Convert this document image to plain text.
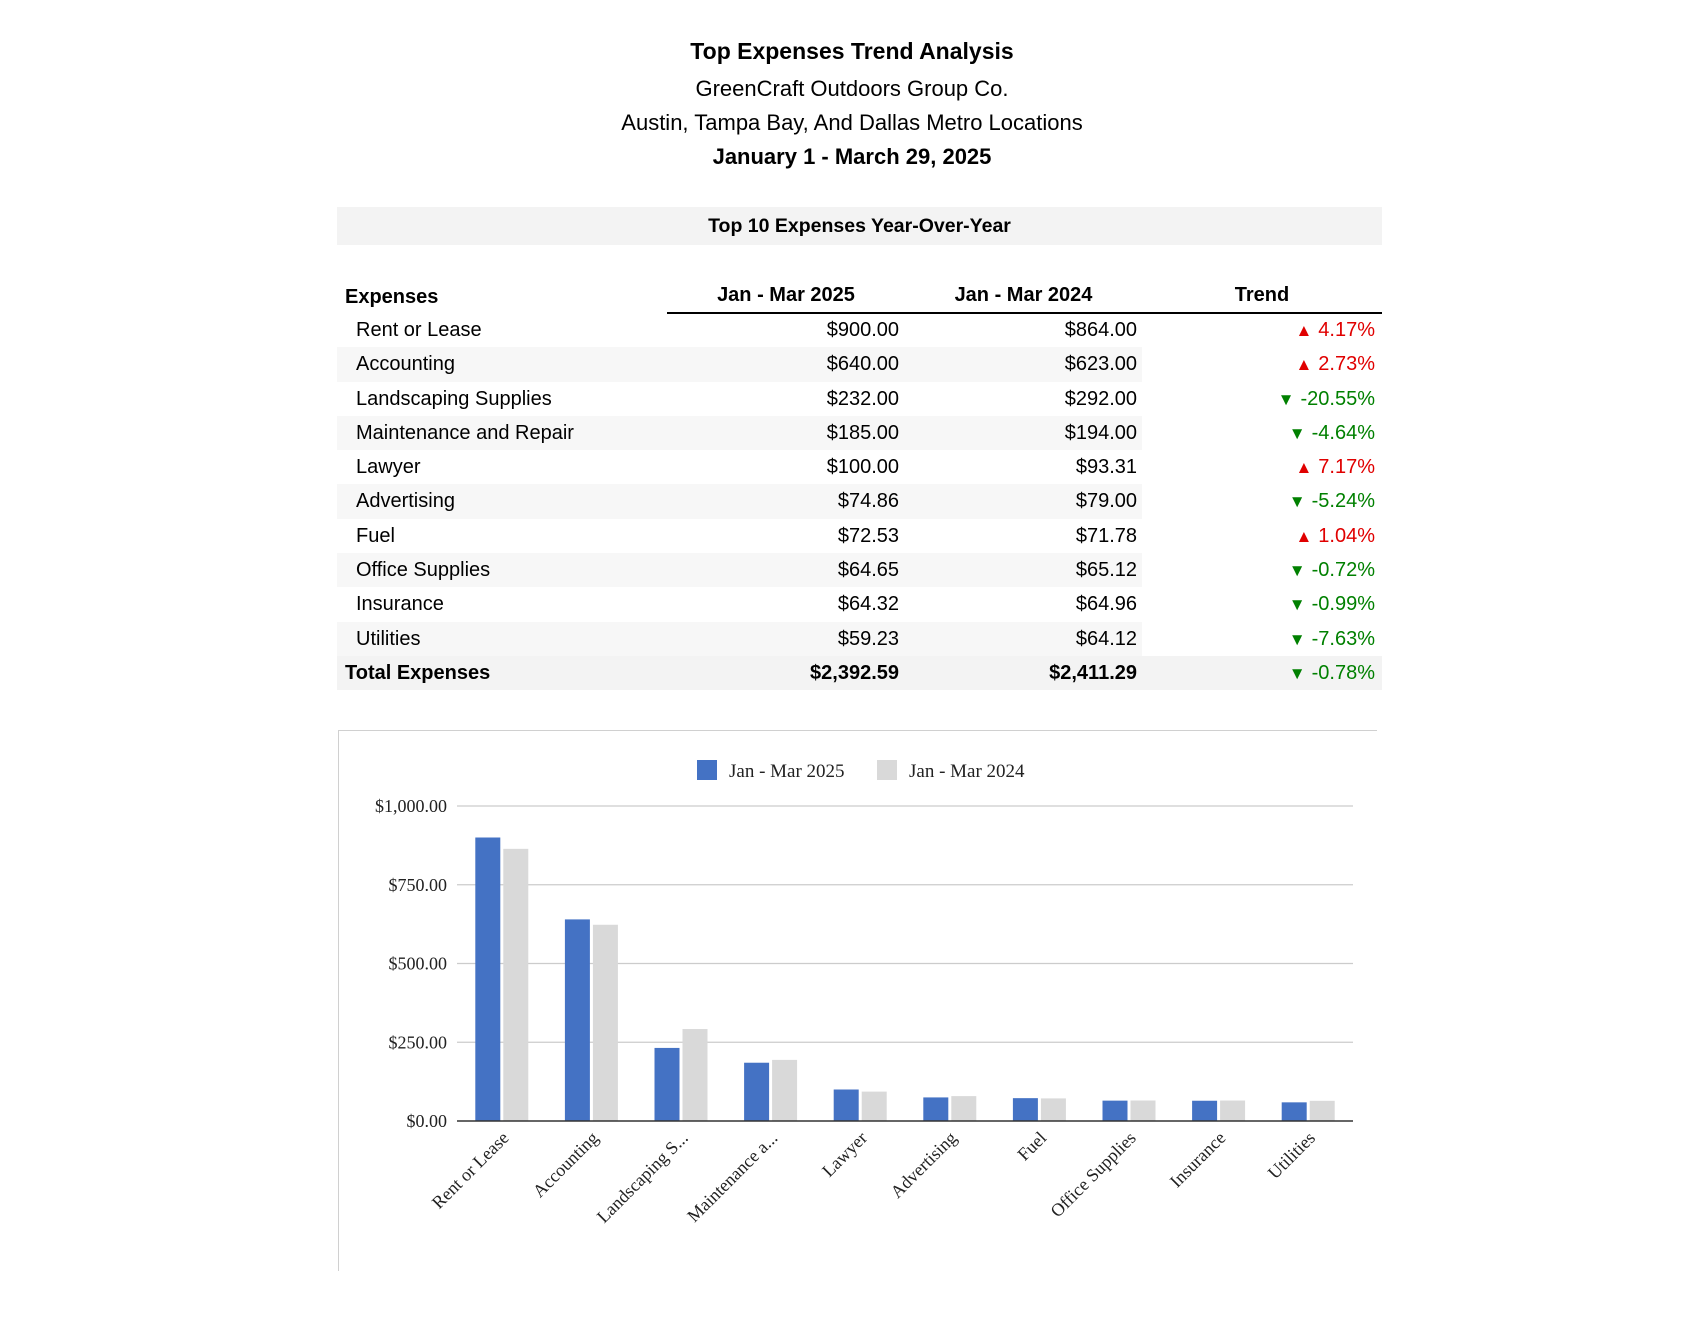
Top Expenses Trend Analysis
GreenCraft Outdoors Group Co.
Austin, Tampa Bay, And Dallas Metro Locations
January 1 - March 29, 2025
Top 10 Expenses Year-Over-Year
Expenses	Jan - Mar 2025	Jan - Mar 2024	Trend
Rent or Lease	$900.00	$864.00	▲ 4.17%
Accounting	$640.00	$623.00	▲ 2.73%
Landscaping Supplies	$232.00	$292.00	▼ -20.55%
Maintenance and Repair	$185.00	$194.00	▼ -4.64%
Lawyer	$100.00	$93.31	▲ 7.17%
Advertising	$74.86	$79.00	▼ -5.24%
Fuel	$72.53	$71.78	▲ 1.04%
Office Supplies	$64.65	$65.12	▼ -0.72%
Insurance	$64.32	$64.96	▼ -0.99%
Utilities	$59.23	$64.12	▼ -7.63%
Total Expenses	$2,392.59	$2,411.29	▼ -0.78%
$0.00
$250.00
$500.00
$750.00
$1,000.00
Rent or Lease Accounting
Landscaping S...
Maintenance a... Lawyer Advertising	Fuel
Office Supplies Insurance Utilities
Jan - Mar 2025	Jan - Mar 2024
